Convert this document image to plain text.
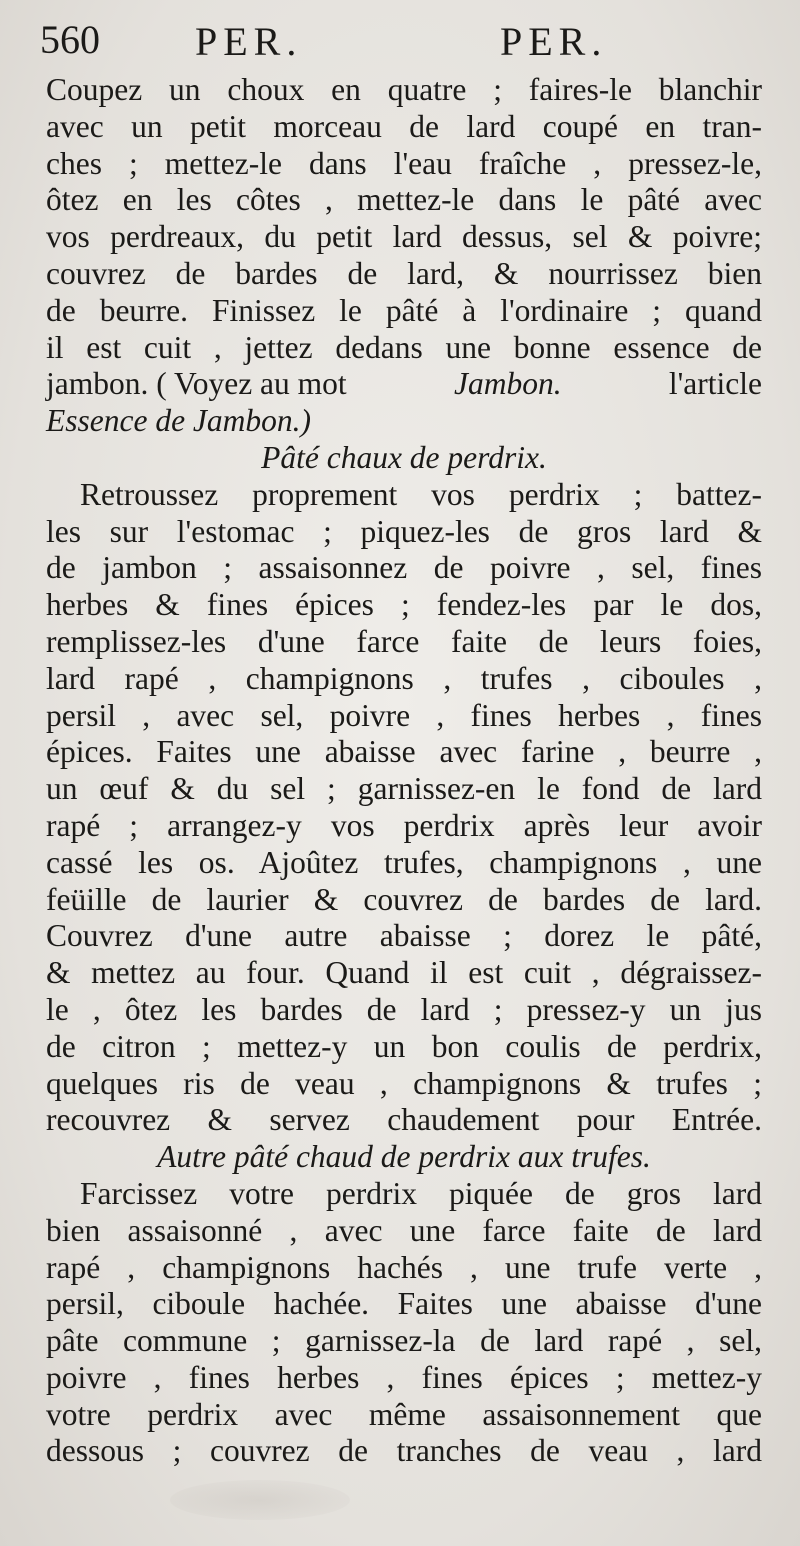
560 PER.	PER.
Coupez un choux en quatre ; faires-le blanchir
avec un petit morceau de lard coupé en tran-
ches ; mettez-le dans l'eau fraîche , pressez-le,
ôtez en les côtes , mettez-le dans le pâté avec
vos perdreaux, du petit lard dessus, sel & poivre;
couvrez de bardes de lard, & nourrissez bien
de beurre. Finissez le pâté à l'ordinaire ; quand
il est cuit , jettez dedans une bonne essence de
jambon. ( Voyez au mot	Jambon.	l'article
Essence de Jambon.)
Pâté chaux de perdrix.
Retroussez proprement vos perdrix ; battez-
les sur l'estomac ; piquez-les de gros lard &
de jambon ; assaisonnez de poivre , sel, fines
herbes & fines épices ; fendez-les par le dos,
remplissez-les d'une farce faite de leurs foies,
lard rapé , champignons , trufes , ciboules ,
persil , avec sel, poivre , fines herbes , fines
épices. Faites une abaisse avec farine , beurre ,
un œuf & du sel ; garnissez-en le fond de lard
rapé ; arrangez-y vos perdrix après leur avoir
cassé les os. Ajoûtez trufes, champignons , une
feüille de laurier & couvrez de bardes de lard.
Couvrez d'une autre abaisse ; dorez le pâté,
& mettez au four. Quand il est cuit , dégraissez-
le , ôtez les bardes de lard ; pressez-y un jus
de citron ; mettez-y un bon coulis de perdrix,
quelques ris de veau , champignons & trufes ;
recouvrez & servez chaudement pour Entrée.
Autre pâté chaud de perdrix aux trufes.
Farcissez votre perdrix piquée de gros lard
bien assaisonné , avec une farce faite de lard
rapé , champignons hachés , une trufe verte ,
persil, ciboule hachée. Faites une abaisse d'une
pâte commune ; garnissez-la de lard rapé , sel,
poivre , fines herbes , fines épices ; mettez-y
votre perdrix avec même assaisonnement que
dessous ; couvrez de tranches de veau , lard
